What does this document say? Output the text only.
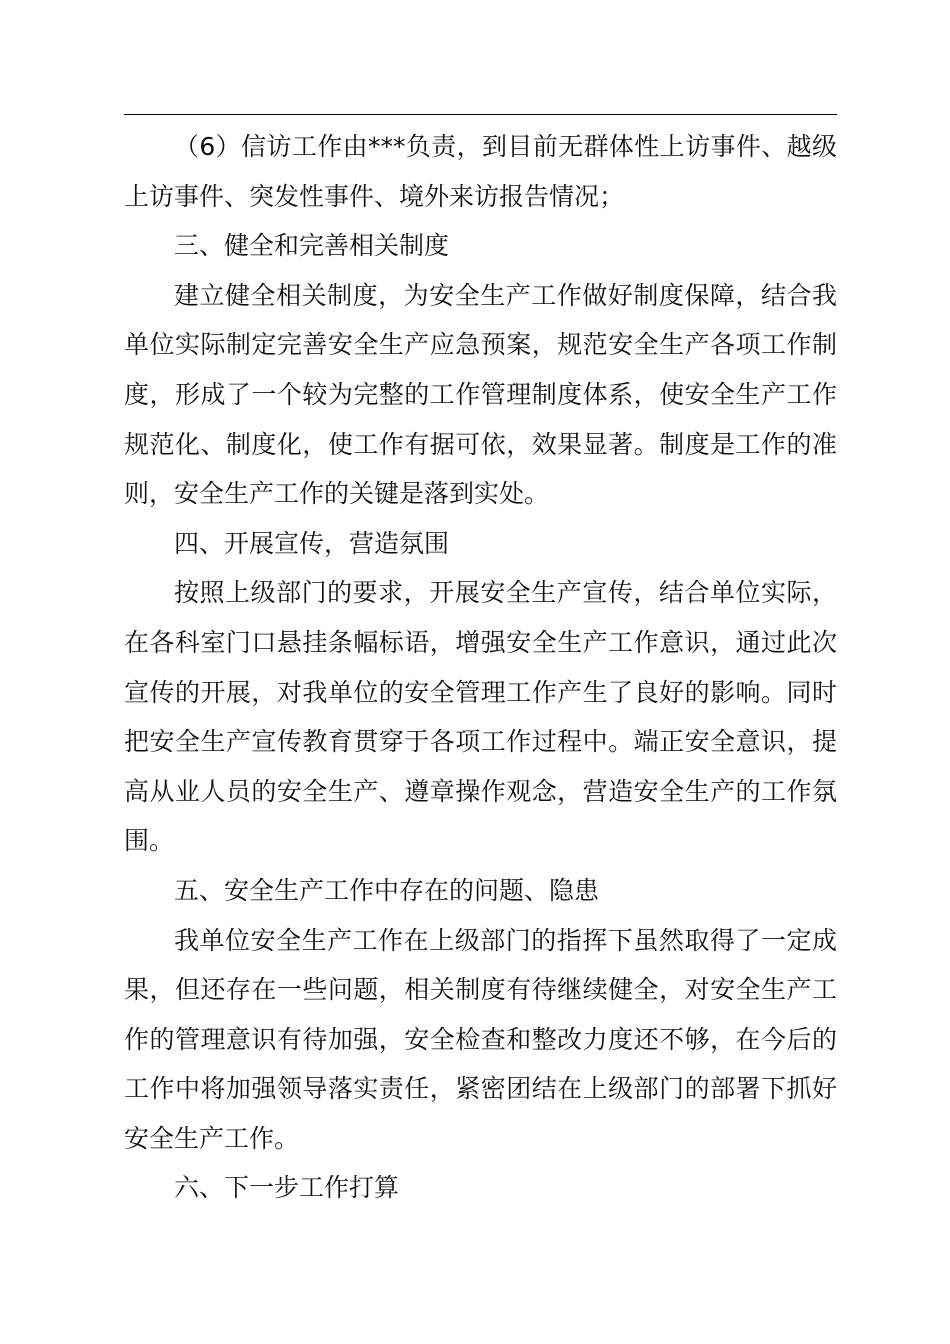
（6）信访工作由***负责，到目前无群体性上访事件、越级
上访事件、突发性事件、境外来访报告情况；
三、健全和完善相关制度
建立健全相关制度，为安全生产工作做好制度保障，结合我
单位实际制定完善安全生产应急预案，规范安全生产各项工作制
度，形成了一个较为完整的工作管理制度体系，使安全生产工作
规范化、制度化，使工作有据可依，效果显著。制度是工作的准
则，安全生产工作的关键是落到实处。
四、开展宣传，营造氛围
按照上级部门的要求，开展安全生产宣传，结合单位实际，
在各科室门口悬挂条幅标语，增强安全生产工作意识，通过此次
宣传的开展，对我单位的安全管理工作产生了良好的影响。同时
把安全生产宣传教育贯穿于各项工作过程中。端正安全意识，提
高从业人员的安全生产、遵章操作观念，营造安全生产的工作氛
围。
五、安全生产工作中存在的问题、隐患
我单位安全生产工作在上级部门的指挥下虽然取得了一定成
果，但还存在一些问题，相关制度有待继续健全，对安全生产工
作的管理意识有待加强，安全检查和整改力度还不够，在今后的
工作中将加强领导落实责任，紧密团结在上级部门的部署下抓好
安全生产工作。
六、下一步工作打算
